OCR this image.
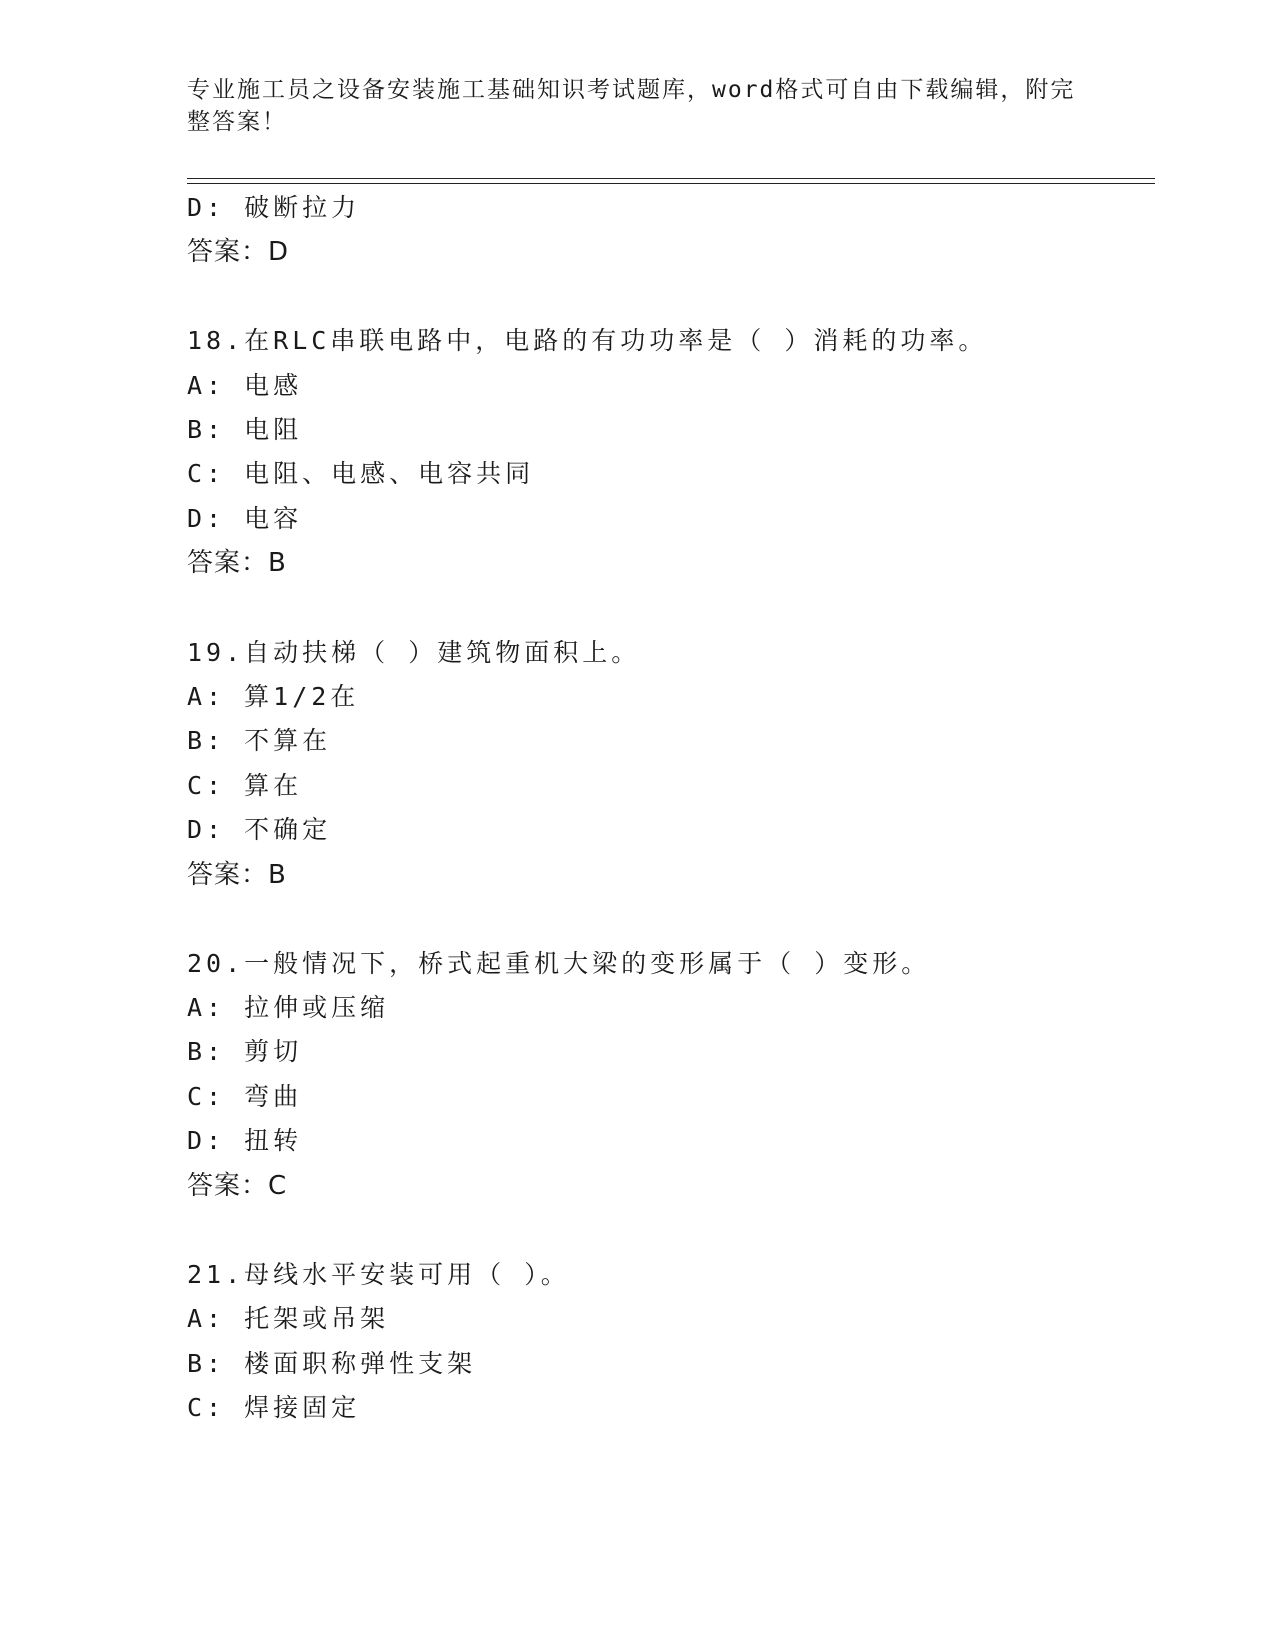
专业施工员之设备安装施工基础知识考试题库，word格式可自由下载编辑，附完整答案！
D: 破断拉力
答案：D
18.在RLC串联电路中，电路的有功功率是（ ）消耗的功率。
A: 电感
B: 电阻
C: 电阻、电感、电容共同
D: 电容
答案：B
19.自动扶梯（ ）建筑物面积上。
A: 算1/2在
B: 不算在
C: 算在
D: 不确定
答案：B
20.一般情况下，桥式起重机大梁的变形属于（ ）变形。
A: 拉伸或压缩
B: 剪切
C: 弯曲
D: 扭转
答案：C
21.母线水平安装可用（ ）。
A: 托架或吊架
B: 楼面职称弹性支架
C: 焊接固定
